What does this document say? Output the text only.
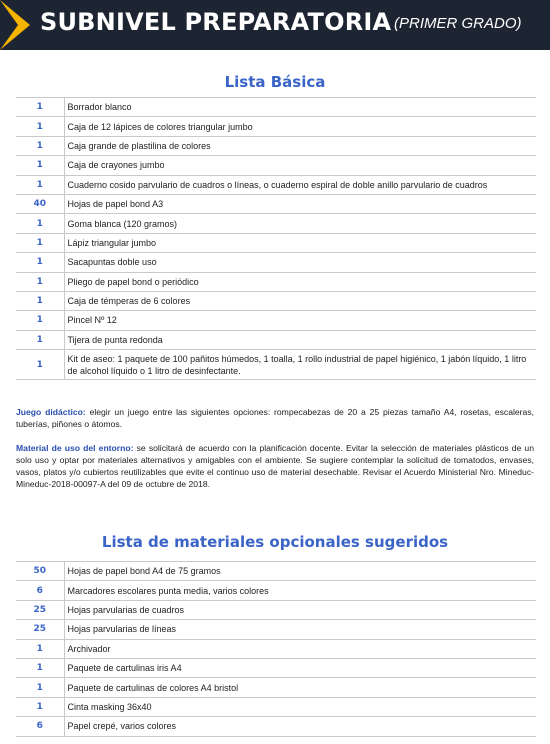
SUBNIVEL PREPARATORIA (PRIMER GRADO)
Lista Básica
1	Borrador blanco
1	Caja de 12 lápices de colores triangular jumbo
1	Caja grande de plastilina de colores
1	Caja de crayones jumbo
1	Cuaderno cosido parvulario de cuadros o líneas, o cuaderno espiral de doble anillo parvulario de cuadros
40	Hojas de papel bond A3
1	Goma blanca (120 gramos)
1	Lápiz triangular jumbo
1	Sacapuntas doble uso
1	Pliego de papel bond o periódico
1	Caja de témperas de 6 colores
1	Pincel Nº 12
1	Tijera de punta redonda
1	Kit de aseo: 1 paquete de 100 pañitos húmedos, 1 toalla, 1 rollo industrial de papel higiénico, 1 jabón líquido, 1 litro de alcohol líquido o 1 litro de desinfectante.
Juego didáctico: elegir un juego entre las siguientes opciones: rompecabezas de 20 a 25 piezas tamaño A4, rosetas, escaleras, tuberías, piñones o átomos.
Material de uso del entorno: se solicitará de acuerdo con la planificación docente. Evitar la selección de materiales plásticos de un solo uso y optar por materiales alternativos y amigables con el ambiente. Se sugiere contemplar la solicitud de tomatodos, envases, vasos, platos y/o cubiertos reutilizables que evite el continuo uso de material desechable. Revisar el Acuerdo Ministerial Nro. Mineduc-Mineduc-2018-00097-A del 09 de octubre de 2018.
Lista de materiales opcionales sugeridos
50	Hojas de papel bond A4 de 75 gramos
6	Marcadores escolares punta media, varios colores
25	Hojas parvularias de cuadros
25	Hojas parvularias de líneas
1	Archivador
1	Paquete de cartulinas iris A4
1	Paquete de cartulinas de colores A4 bristol
1	Cinta masking 36x40
6	Papel crepé, varios colores
